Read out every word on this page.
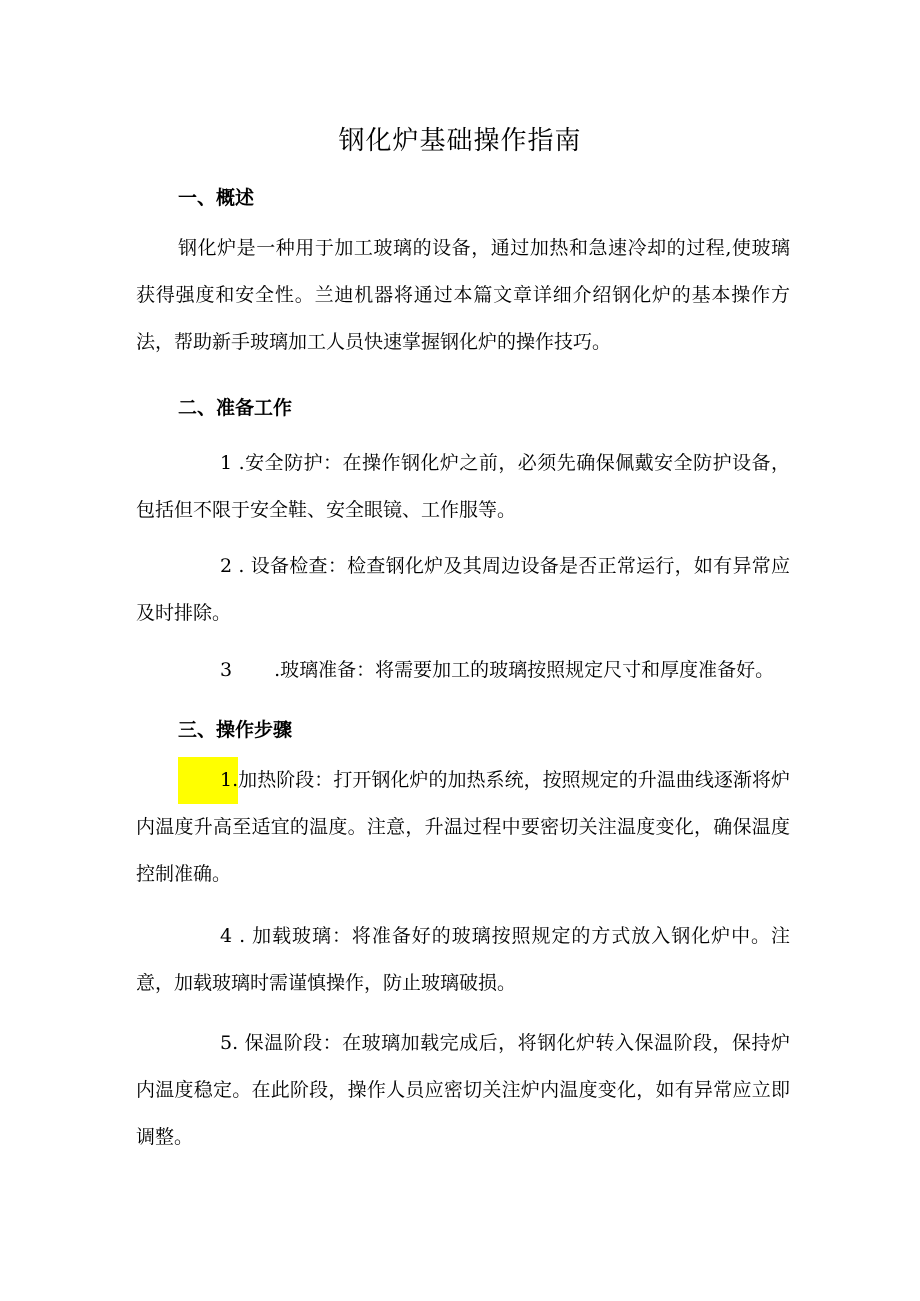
钢化炉基础操作指南
一、概述
钢化炉是一种用于加工玻璃的设备，通过加热和急速冷却的过程,使玻璃获得强度和安全性。兰迪机器将通过本篇文章详细介绍钢化炉的基本操作方法，帮助新手玻璃加工人员快速掌握钢化炉的操作技巧。
二、准备工作
1 .安全防护：在操作钢化炉之前，必须先确保佩戴安全防护设备，包括但不限于安全鞋、安全眼镜、工作服等。
2 . 设备检查：检查钢化炉及其周边设备是否正常运行，如有异常应及时排除。
3 .玻璃准备：将需要加工的玻璃按照规定尺寸和厚度准备好。
三、操作步骤
1.加热阶段：打开钢化炉的加热系统，按照规定的升温曲线逐渐将炉内温度升高至适宜的温度。注意，升温过程中要密切关注温度变化，确保温度控制准确。
4 . 加载玻璃：将准备好的玻璃按照规定的方式放入钢化炉中。注意，加载玻璃时需谨慎操作，防止玻璃破损。
5. 保温阶段：在玻璃加载完成后，将钢化炉转入保温阶段，保持炉内温度稳定。在此阶段，操作人员应密切关注炉内温度变化，如有异常应立即调整。
